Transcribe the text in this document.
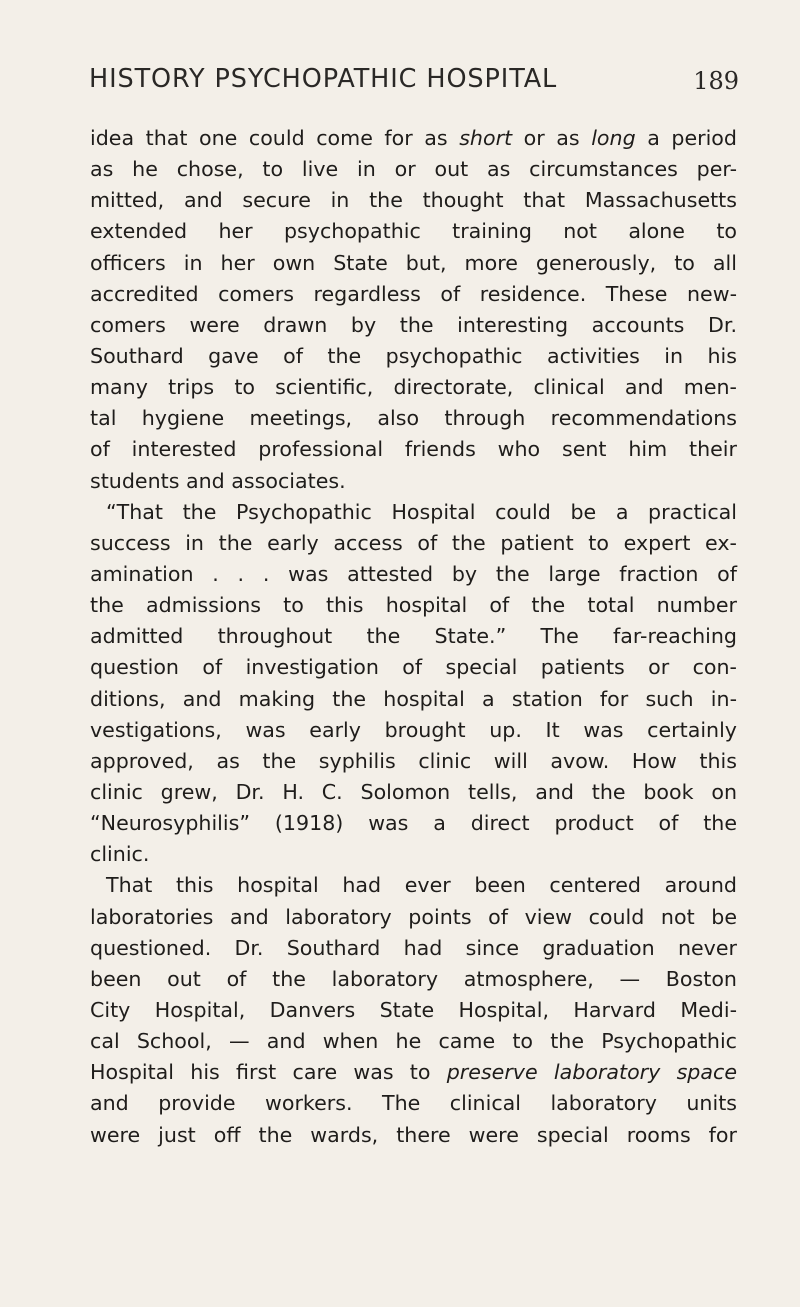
HISTORY PSYCHOPATHIC HOSPITAL	189
idea that one could come for as short or as long a period
as he chose, to live in or out as circumstances per-
mitted, and secure in the thought that Massachusetts
extended her psychopathic training not alone to
officers in her own State but, more generously, to all
accredited comers regardless of residence. These new-
comers were drawn by the interesting accounts Dr.
Southard gave of the psychopathic activities in his
many trips to scientific, directorate, clinical and men-
tal hygiene meetings, also through recommendations
of interested professional friends who sent him their
students and associates.
“That the Psychopathic Hospital could be a practical
success in the early access of the patient to expert ex-
amination . . . was attested by the large fraction of
the admissions to this hospital of the total number
admitted throughout the State.” The far-reaching
question of investigation of special patients or con-
ditions, and making the hospital a station for such in-
vestigations, was early brought up. It was certainly
approved, as the syphilis clinic will avow. How this
clinic grew, Dr. H. C. Solomon tells, and the book on
“Neurosyphilis” (1918) was a direct product of the
clinic.
That this hospital had ever been centered around
laboratories and laboratory points of view could not be
questioned. Dr. Southard had since graduation never
been out of the laboratory atmosphere, — Boston
City Hospital, Danvers State Hospital, Harvard Medi-
cal School, — and when he came to the Psychopathic
Hospital his first care was to preserve laboratory space
and provide workers. The clinical laboratory units
were just off the wards, there were special rooms for
